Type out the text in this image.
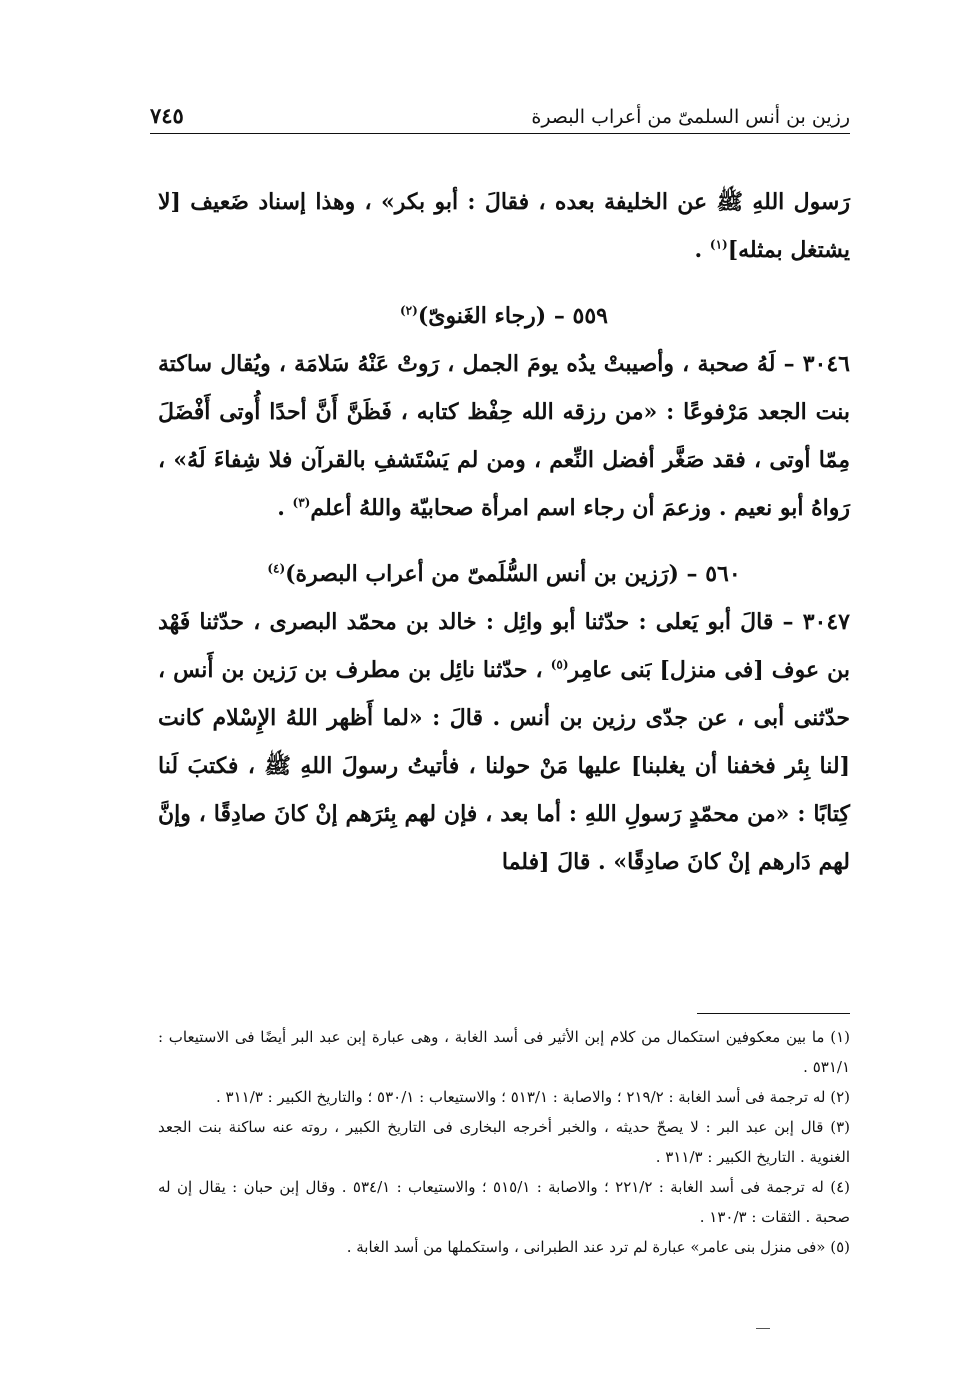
رزين بن أنس السلمىّ من أعراب البصرة
٧٤٥

رَسول اللهِ ﷺ عن الخليفة بعده ، فقالَ : أبو بكر» ، وهذا إسناد ضَعيف [لا يشتغل بمثله]$^{(١)}$ .

٥٥٩ – (رجاء الغَنوىّ)$^{(٢)}$

٣٠٤٦ – لَهُ صحبة ، وأصيبتْ يدُه يومَ الجمل ، رَوتْ عَنْهُ سَلامَة ، ويُقال ساكتة بنت الجعد مَرْفوعًا : «من رزقه الله حِفْظ كتابه ، فَظَنَّ أَنَّ أحدًا أُوتى أَفْضَلَ مِمّا أوتى ، فقد صَغَّر أفضل النِّعم ، ومن لم يَسْتَشفِ بالقرآن فلا شِفاءَ لَهُ» ، رَواهُ أبو نعيم . وزعمَ أن رجاء اسم امرأة صحابيّة واللهُ أعلم$^{(٣)}$ .

٥٦٠ – (رَزين بن أنس السُّلَمىّ من أعراب البصرة)$^{(٤)}$

٣٠٤٧ – قالَ أبو يَعلى : حدّثنا أبو وائِل : خالد بن محمّد البصرى ، حدّثنا فَهْد بن عوف [فى منزل] بَنى عامِر$^{(٥)}$ ، حدّثنا نائِل بن مطرف بن رَزين بن أَنس ، حدّثنى أبى ، عن جدّى رزين بن أنس . قالَ : «لما أَظهر اللهُ الإِسْلام كانت [لنا بِئر فخفنا أن يغلبنا] عليها مَنْ حولنا ، فأتيتُ رسولَ اللهِ ﷺ ، فكتبَ لَنا كِتابًا : «من محمّدٍ رَسولِ اللهِ : أما بعد ، فإن لهم بِئرَهم إنْ كانَ صادِقًا ، وإنَّ لهم دَارهم إنْ كانَ صادِقًا» . قالَ [فلما

(١) ما بين معكوفين استكمال من كلام إبن الأثير فى أسد الغابة ، وهى عبارة إبن عبد البر أيضًا فى الاستيعاب : ٥٣١/١ .

(٢) له ترجمة فى أسد الغابة : ٢١٩/٢ ؛ والاصابة : ٥١٣/١ ؛ والاستيعاب : ٥٣٠/١ ؛ والتاريخ الكبير : ٣١١/٣ .

(٣) قال إبن عبد البر : لا يصحّ حديثه ، والخبر أخرجه البخارى فى التاريخ الكبير ، روته عنه ساكنة بنت الجعد الغنوية . التاريخ الكبير : ٣١١/٣ .

(٤) له ترجمة فى أسد الغابة : ٢٢١/٢ ؛ والاصابة : ٥١٥/١ ؛ والاستيعاب : ٥٣٤/١ . وقال إبن حبان : يقال إن له صحبة . الثقات : ١٣٠/٣ .

(٥) «فى منزل بنى عامر» عبارة لم ترد عند الطبرانى ، واستكملها من أسد الغابة .
